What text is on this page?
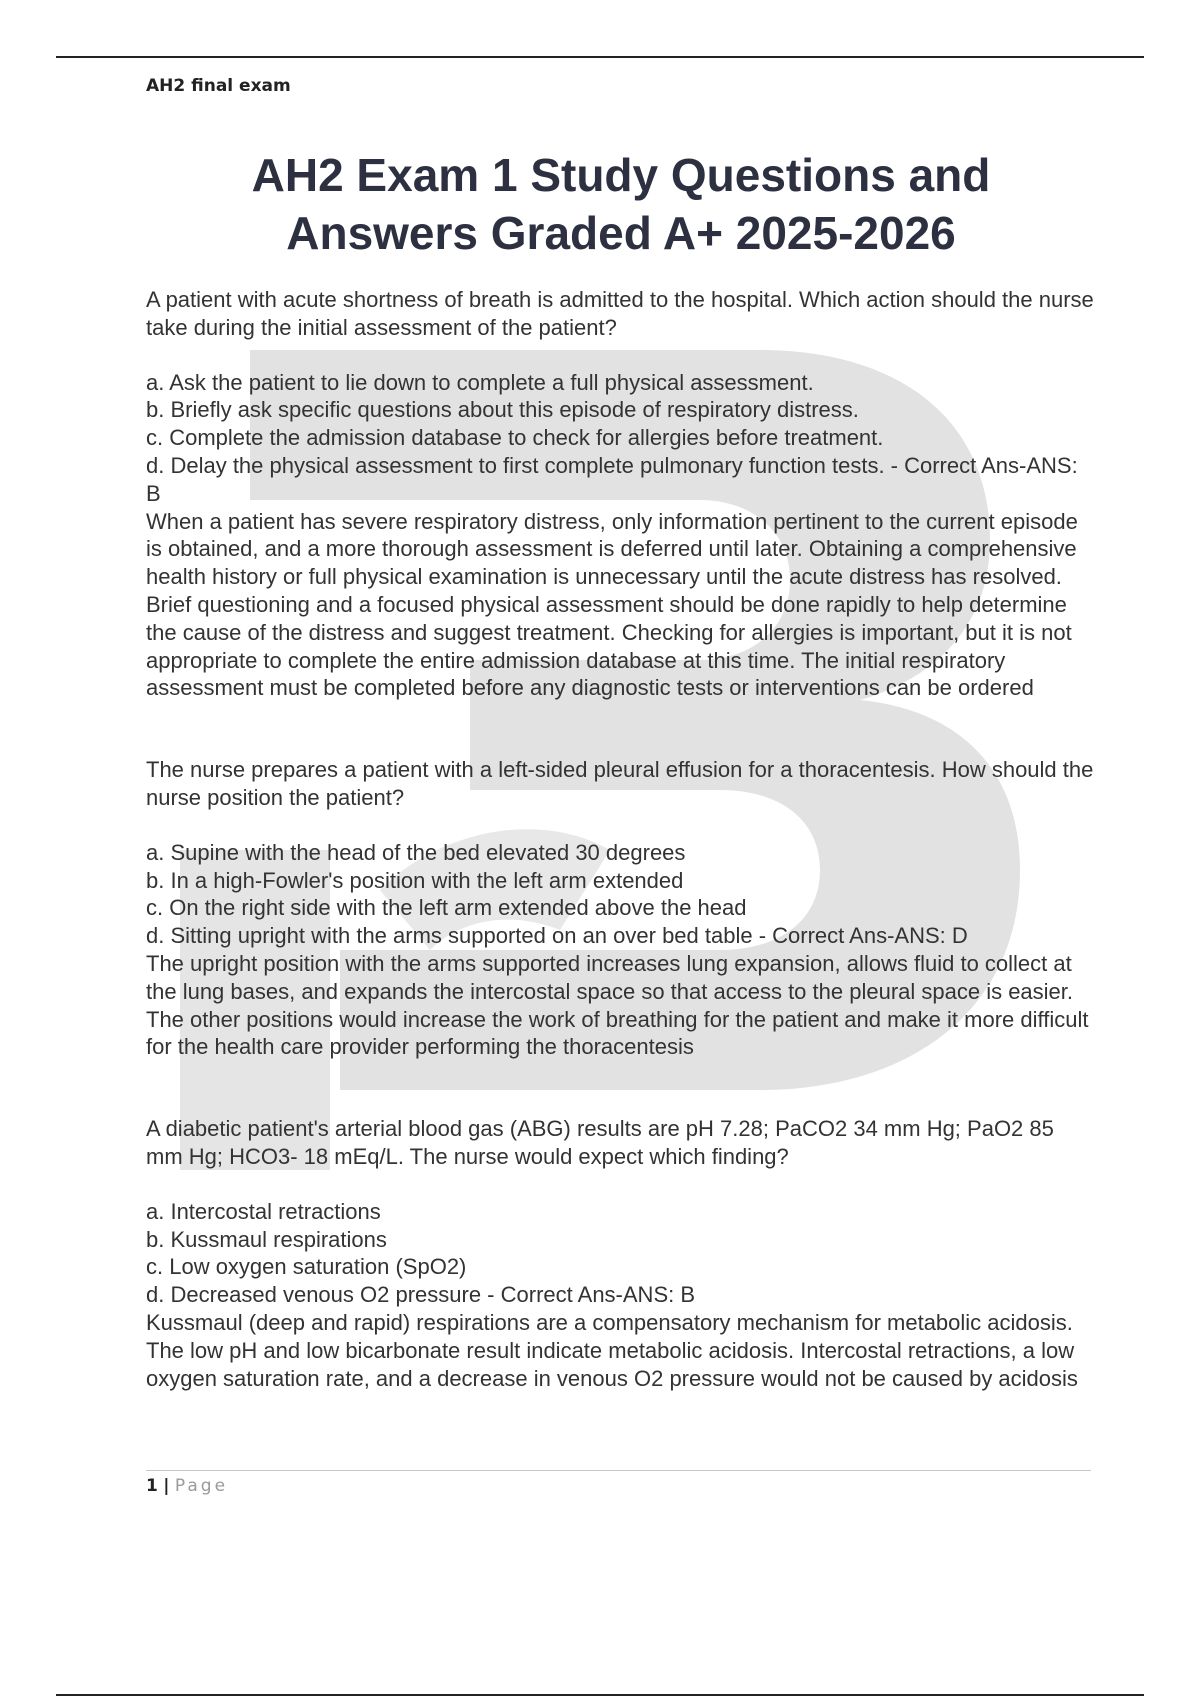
AH2 final exam
AH2 Exam 1 Study Questions and
Answers Graded A+ 2025-2026

A patient with acute shortness of breath is admitted to the hospital. Which action should the nurse take during the initial assessment of the patient?

a. Ask the patient to lie down to complete a full physical assessment.

b. Briefly ask specific questions about this episode of respiratory distress.

c. Complete the admission database to check for allergies before treatment.

d. Delay the physical assessment to first complete pulmonary function tests. - Correct Ans-ANS: B

When a patient has severe respiratory distress, only information pertinent to the current episode is obtained, and a more thorough assessment is deferred until later. Obtaining a comprehensive health history or full physical examination is unnecessary until the acute distress has resolved. Brief questioning and a focused physical assessment should be done rapidly to help determine the cause of the distress and suggest treatment. Checking for allergies is important, but it is not appropriate to complete the entire admission database at this time. The initial respiratory assessment must be completed before any diagnostic tests or interventions can be ordered

The nurse prepares a patient with a left-sided pleural effusion for a thoracentesis. How should the nurse position the patient?

a. Supine with the head of the bed elevated 30 degrees

b. In a high-Fowler's position with the left arm extended

c. On the right side with the left arm extended above the head

d. Sitting upright with the arms supported on an over bed table - Correct Ans-ANS: D

The upright position with the arms supported increases lung expansion, allows fluid to collect at the lung bases, and expands the intercostal space so that access to the pleural space is easier. The other positions would increase the work of breathing for the patient and make it more difficult for the health care provider performing the thoracentesis

A diabetic patient's arterial blood gas (ABG) results are pH 7.28; PaCO2 34 mm Hg; PaO2 85 mm Hg; HCO3- 18 mEq/L. The nurse would expect which finding?

a. Intercostal retractions

b. Kussmaul respirations

c. Low oxygen saturation (SpO2)

d. Decreased venous O2 pressure - Correct Ans-ANS: B

Kussmaul (deep and rapid) respirations are a compensatory mechanism for metabolic acidosis. The low pH and low bicarbonate result indicate metabolic acidosis. Intercostal retractions, a low oxygen saturation rate, and a decrease in venous O2 pressure would not be caused by acidosis

1 | Page
